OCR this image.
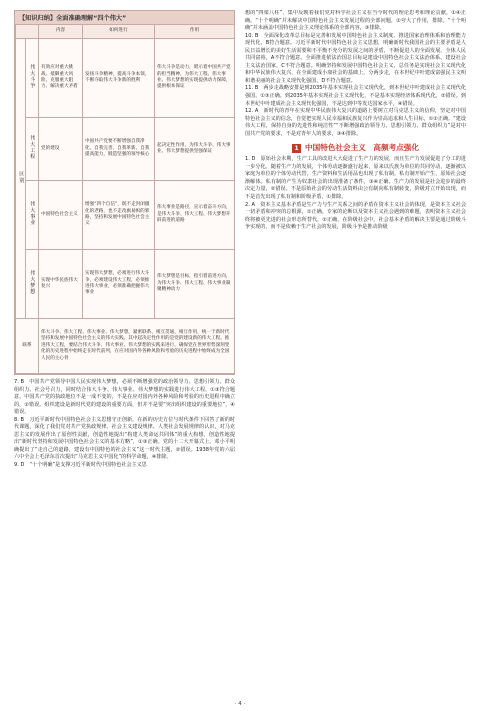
【知识归纳】全面准确理解“四个伟大”
		内容	如何进行	作用
区别	伟大斗争	有效应对重大挑战、抵御重大风险、克服重大阻力、解决重大矛盾	发扬斗争精神，提高斗争本领，不断夺取伟大斗争新的胜利	伟大斗争是动力，昭示着中国共产党的担当精神，为伟大工程、伟大事业、伟大梦想的实现提供动力保障，提供根本保证
	伟大工程	党的建设	中国共产党要不断增强自我净化、自我完善、自我革新、自我提高能力，锻造坚强的领导核心	起决定性作用，为伟大斗争、伟大事业、伟大梦想提供坚强保证
	伟大事业	中国特色社会主义	增强“四个自信”，既不走封闭僵化的老路，也不走改旗易帜的邪路，坚持和发展中国特色社会主义	伟大事业是路径，宣示着奋斗方向，是伟大斗争、伟大工程、伟大梦想开辟前进的道路
	伟大梦想	实现中华民族伟大复兴	实现伟大梦想，必须进行伟大斗争，必须建设伟大工程，必须推进伟大事业，必须准确把握伟大事业	伟大梦想是目标，指引着前进方向，为伟大斗争、伟大工程、伟大事业凝聚精神动力
联系		伟大斗争、伟大工程、伟大事业、伟大梦想，紧密联系、相互贯通、相互作用，统一于新时代坚持和发展中国特色社会主义的伟大实践。其中起决定性作用的是党的建设新的伟大工程。推进伟大工程，要结合伟大斗争、伟大事业、伟大梦想的实践来进行，确保党在世界形势深刻变化的历史进程中始终走在时代前列，在应对国内外各种风险和考验的历史进程中始终成为全国人民的主心骨		

7. B　中国共产党领导中国人民实现伟大梦想，必须不断增强党的政治领导力、思想引领力、群众组织力、社会号召力，同时结合伟大斗争、伟大事业、伟大梦想的实践进行伟大工程，①③符合题意。中国共产党的执政地位不是一成不变的，不是在应对国内外各种风险和考验的历史进程中确立的，②错误。组织建设是新时代党的建设的重要方面，但并不是要“突出组织建设的重要地位”，④错误。

8. B　习近平新时代中国特色社会主义思想守正创新，在新的历史方位与时代条件下回答了新的时代课题，深化了我们党对共产党执政规律、社会主义建设规律、人类社会发展规律的认识，对马克思主义的发展作出了原创性贡献，创造性地提出“构建人类命运共同体”的重大构想，创造性地提出“新时代坚持和发展中国特色社会主义的基本方略”，①③正确。党的十二大开幕式上，邓小平明确提出了“走自己的道路，建设有中国特色的社会主义”这一时代主题，②错误。1938年党的六届六中全会上毛泽东首次提出“马克思主义中国化”的科学命题，④排除。

9. D　“十个明确”是支撑习近平新时代中国特色社会主义思

想的“四梁八柱”，集中反映着我们党对科学社会主义在当今时代的理论思考和理论贡献，①④正确。“十个明确”并未解决中国特色社会主义发展过程的全部问题，②夸大了作用，排除。“十个明确”并未涵盖中国特色社会主义理论体系的全部内容，③排除。

10. B　全面深化改革总目标是完善和发展中国特色社会主义制度、推进国家治理体系和治理能力现代化，B符合题意。习近平新时代中国特色社会主义思想，明确新时代我国社会的主要矛盾是人民日益增长的美好生活需要和不平衡不充分的发展之间的矛盾，不断促进人的全面发展、全体人民共同富裕，A不符合题意。全面推进依法治国总目标是建设中国特色社会主义法治体系、建设社会主义法治国家，C不符合题意。明确坚持和发展中国特色社会主义，总任务是实现社会主义现代化和中华民族伟大复兴，在全面建成小康社会的基础上，分两步走，在本世纪中叶建成富强民主文明和谐美丽的社会主义现代化强国，D不符合题意。

11. B　两步走战略安排是到2035年基本实现社会主义现代化，到本世纪中叶建成社会主义现代化强国，①③正确。到2035年基本实现社会主义现代化，不是基本实现经济体系现代化，②错误。到本世纪中叶建成社会主义现代化强国，不是达到中等发达国家水平，④错误。

12. A　新时代的青年在实现中华民族伟大复兴的道路上要树立对马克思主义的信仰，坚定对中国特色社会主义的信念，自觉把实现人民幸福和民族复兴作为崇高追求和人生目标，①②正确。“建设伟大工程，保持自身的先进性和纯洁性”“不断增强政治领导力、思想引领力、群众组织力”是对中国共产党的要求，不是对青年人的要求，③④排除。

1 中国特色社会主义　高频考点强化

1. D　原始社会末期，生产工具的改进大大促进了生产力的发展，而且生产力发展促进了分工的进一步分化。随着生产力的发展，个体劳动逐渐盛行起来，原来以氏族为单位的共同劳动，逐渐被以家庭为单位的个体劳动代替，生产资料和生活用品也出现了私有制，私有制开始产生，原始社会逐渐解体。私有制的产生为奴隶社会的出现准备了条件，③④正确。生产力的发展是社会进步的最终决定力量，②错误。不是原始社会的劳动生活资料由公有制向私有制转变，阶级对立开始出现，而不是首先出现了私有制和阶级矛盾，①排除。

2. A　资本主义基本矛盾是生产力与生产关系之间的矛盾在资本主义社会的体现，是资本主义社会一切矛盾和冲突的总根源，①正确。专家的论断以及资本主义社会遇到的难题，表明资本主义社会终将被更先进的社会形态所替代，②正确。在阶级社会中，社会基本矛盾的解决主要是通过阶级斗争实现的，而不是依赖于生产社会的发展，阶级斗争是推动阶级

· 4 ·
